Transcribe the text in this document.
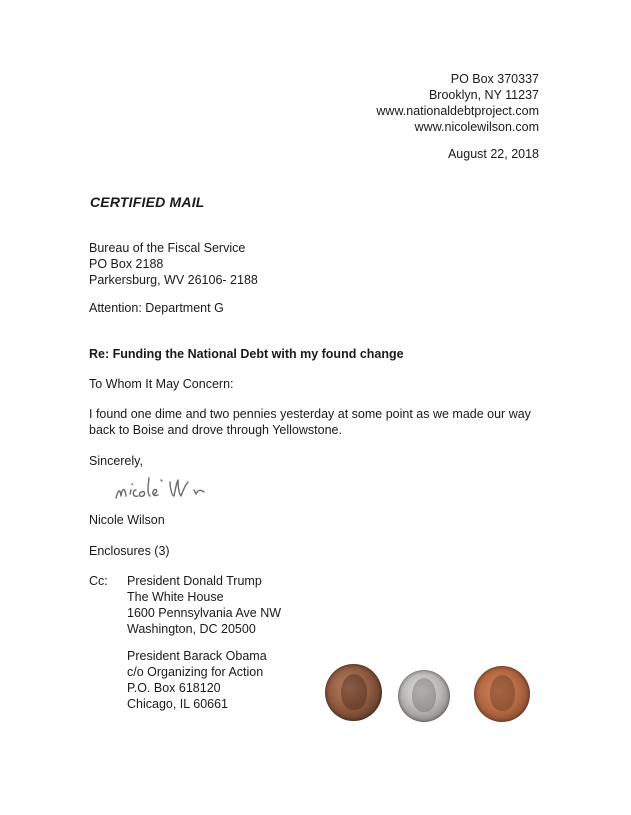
PO Box 370337
Brooklyn, NY 11237
www.nationaldebtproject.com
www.nicolewilson.com
August 22, 2018
CERTIFIED MAIL
Bureau of the Fiscal Service
PO Box 2188
Parkersburg, WV 26106- 2188
Attention: Department G
Re: Funding the National Debt with my found change
To Whom It May Concern:
I found one dime and two pennies yesterday at some point as we made our way
back to Boise and drove through Yellowstone.
Sincerely,
Nicole Wilson
Enclosures (3)
Cc: President Donald Trump
The White House
1600 Pennsylvania Ave NW
Washington, DC 20500
President Barack Obama
c/o Organizing for Action
P.O. Box 618120
Chicago, IL 60661
